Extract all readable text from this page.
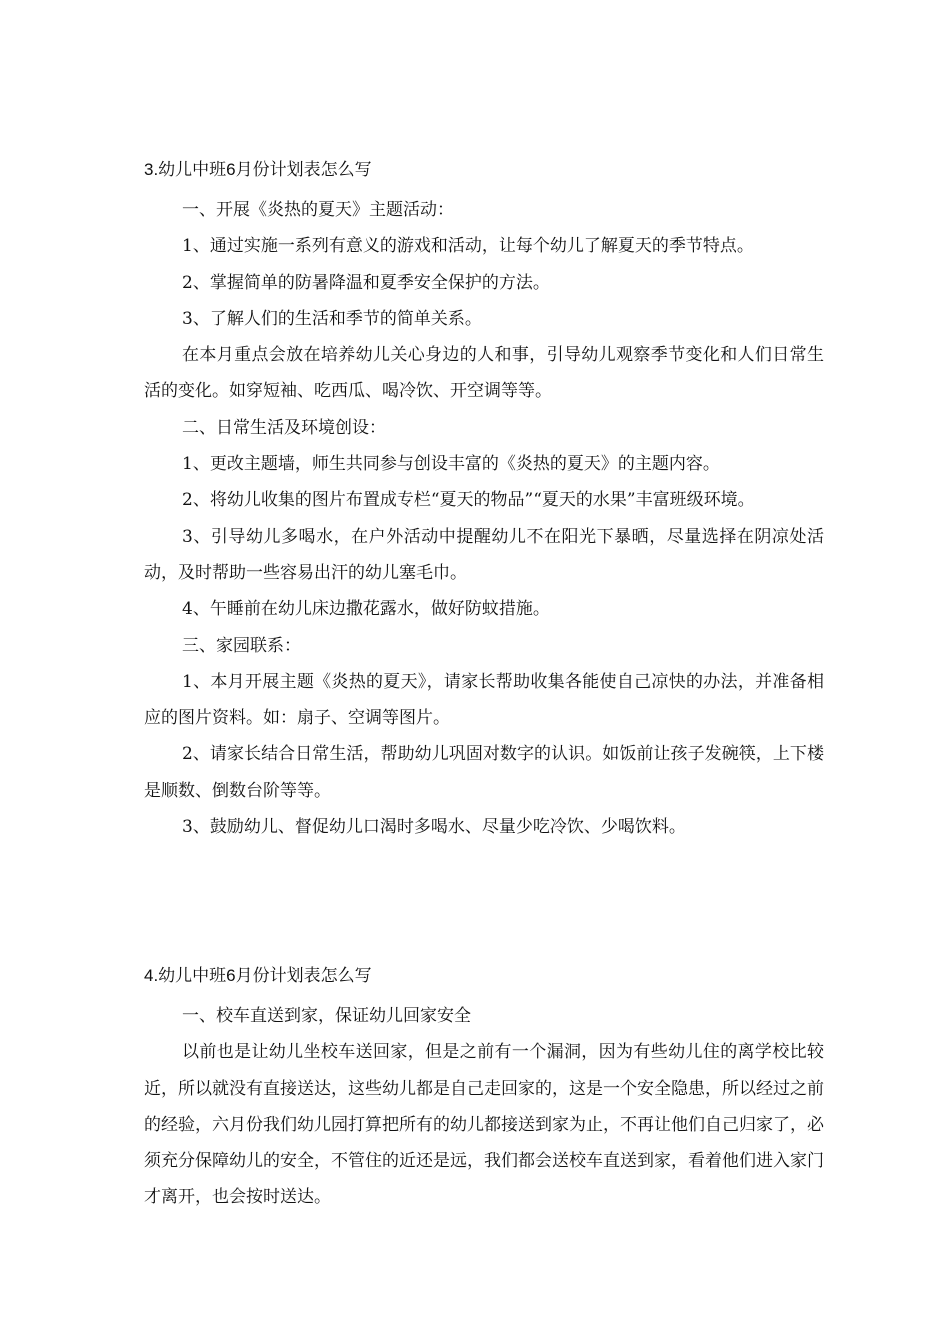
3.幼儿中班6月份计划表怎么写

一、开展《炎热的夏天》主题活动：

1、通过实施一系列有意义的游戏和活动，让每个幼儿了解夏天的季节特点。

2、掌握简单的防暑降温和夏季安全保护的方法。

3、了解人们的生活和季节的简单关系。

在本月重点会放在培养幼儿关心身边的人和事，引导幼儿观察季节变化和人们日常生活的变化。如穿短袖、吃西瓜、喝冷饮、开空调等等。

二、日常生活及环境创设：

1、更改主题墙，师生共同参与创设丰富的《炎热的夏天》的主题内容。

2、将幼儿收集的图片布置成专栏“夏天的物品”“夏天的水果”丰富班级环境。

3、引导幼儿多喝水，在户外活动中提醒幼儿不在阳光下暴晒，尽量选择在阴凉处活动，及时帮助一些容易出汗的幼儿塞毛巾。

4、午睡前在幼儿床边撒花露水，做好防蚊措施。

三、家园联系：

1、本月开展主题《炎热的夏天》，请家长帮助收集各能使自己凉快的办法，并准备相应的图片资料。如：扇子、空调等图片。

2、请家长结合日常生活，帮助幼儿巩固对数字的认识。如饭前让孩子发碗筷，上下楼是顺数、倒数台阶等等。

3、鼓励幼儿、督促幼儿口渴时多喝水、尽量少吃冷饮、少喝饮料。

4.幼儿中班6月份计划表怎么写

一、校车直送到家，保证幼儿回家安全

以前也是让幼儿坐校车送回家，但是之前有一个漏洞，因为有些幼儿住的离学校比较近，所以就没有直接送达，这些幼儿都是自己走回家的，这是一个安全隐患，所以经过之前的经验，六月份我们幼儿园打算把所有的幼儿都接送到家为止，不再让他们自己归家了，必须充分保障幼儿的安全，不管住的近还是远，我们都会送校车直送到家，看着他们进入家门才离开，也会按时送达。
